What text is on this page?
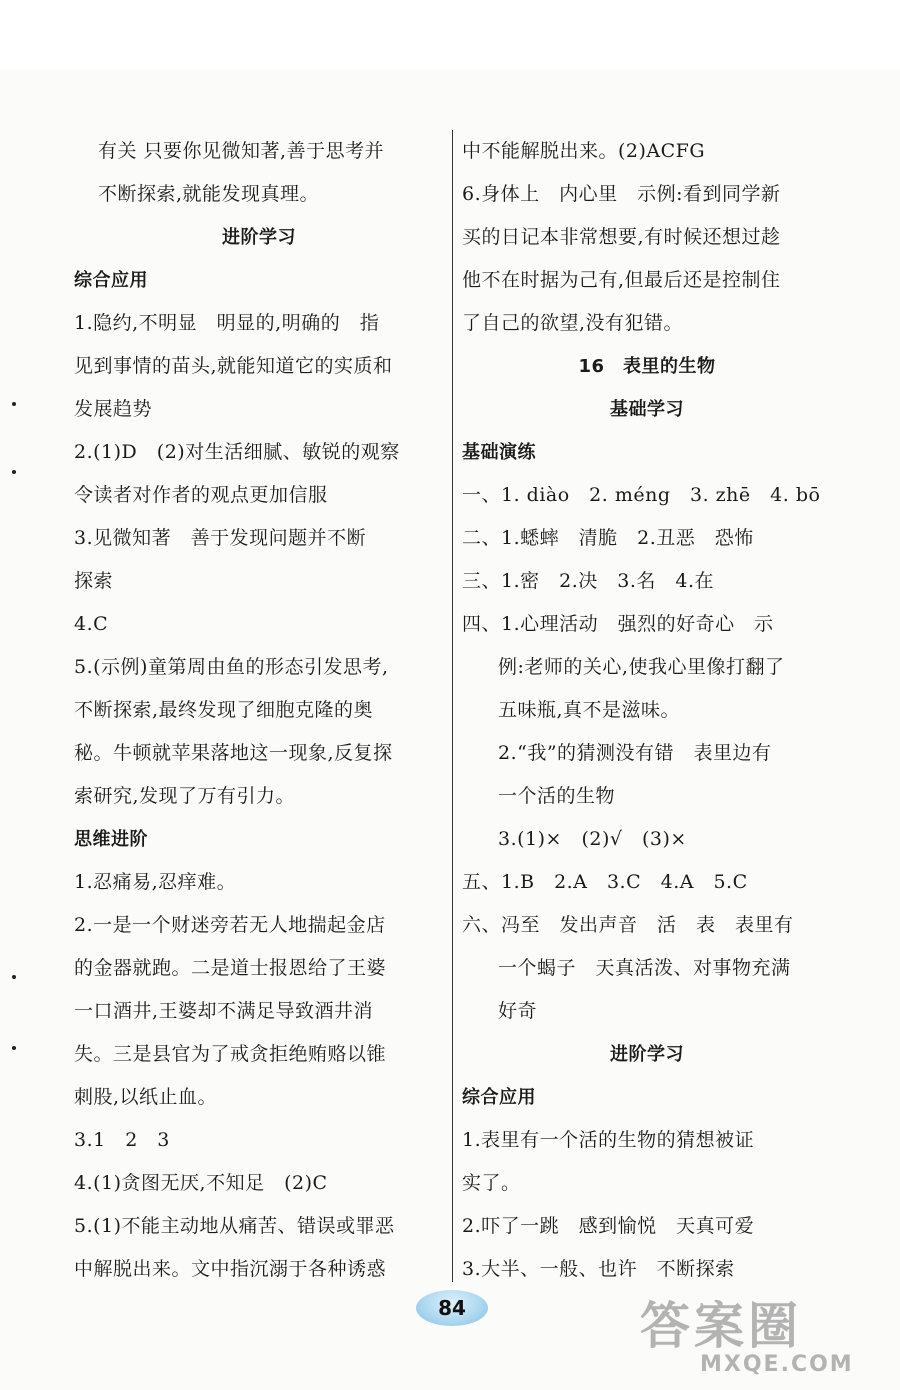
有关 只要你见微知著,善于思考并
不断探索,就能发现真理。
进阶学习
综合应用
1.隐约,不明显　明显的,明确的　指
见到事情的苗头,就能知道它的实质和
发展趋势
2.(1)D　(2)对生活细腻、敏锐的观察
令读者对作者的观点更加信服
3.见微知著　善于发现问题并不断
探索
4.C
5.(示例)童第周由鱼的形态引发思考,
不断探索,最终发现了细胞克隆的奥
秘。牛顿就苹果落地这一现象,反复探
索研究,发现了万有引力。
思维进阶
1.忍痛易,忍痒难。
2.一是一个财迷旁若无人地揣起金店
的金器就跑。二是道士报恩给了王婆
一口酒井,王婆却不满足导致酒井消
失。三是县官为了戒贪拒绝贿赂以锥
刺股,以纸止血。
3.1　2　3
4.(1)贪图无厌,不知足　(2)C
5.(1)不能主动地从痛苦、错误或罪恶
中解脱出来。文中指沉溺于各种诱惑
中不能解脱出来。(2)ACFG
6.身体上　内心里　示例:看到同学新
买的日记本非常想要,有时候还想过趁
他不在时据为己有,但最后还是控制住
了自己的欲望,没有犯错。
16　表里的生物
基础学习
基础演练
一、1. diào　2. méng　3. zhē　4. bō
二、1.蟋蟀　清脆　2.丑恶　恐怖
三、1.密　2.决　3.名　4.在
四、1.心理活动　强烈的好奇心　示
例:老师的关心,使我心里像打翻了
五味瓶,真不是滋味。
2.“我”的猜测没有错　表里边有
一个活的生物
3.(1)×　(2)√　(3)×
五、1.B　2.A　3.C　4.A　5.C
六、冯至　发出声音　活　表　表里有
一个蝎子　天真活泼、对事物充满
好奇
进阶学习
综合应用
1.表里有一个活的生物的猜想被证
实了。
2.吓了一跳　感到愉悦　天真可爱
3.大半、一般、也许　不断探索
84	答案圈
MXQE.COM
